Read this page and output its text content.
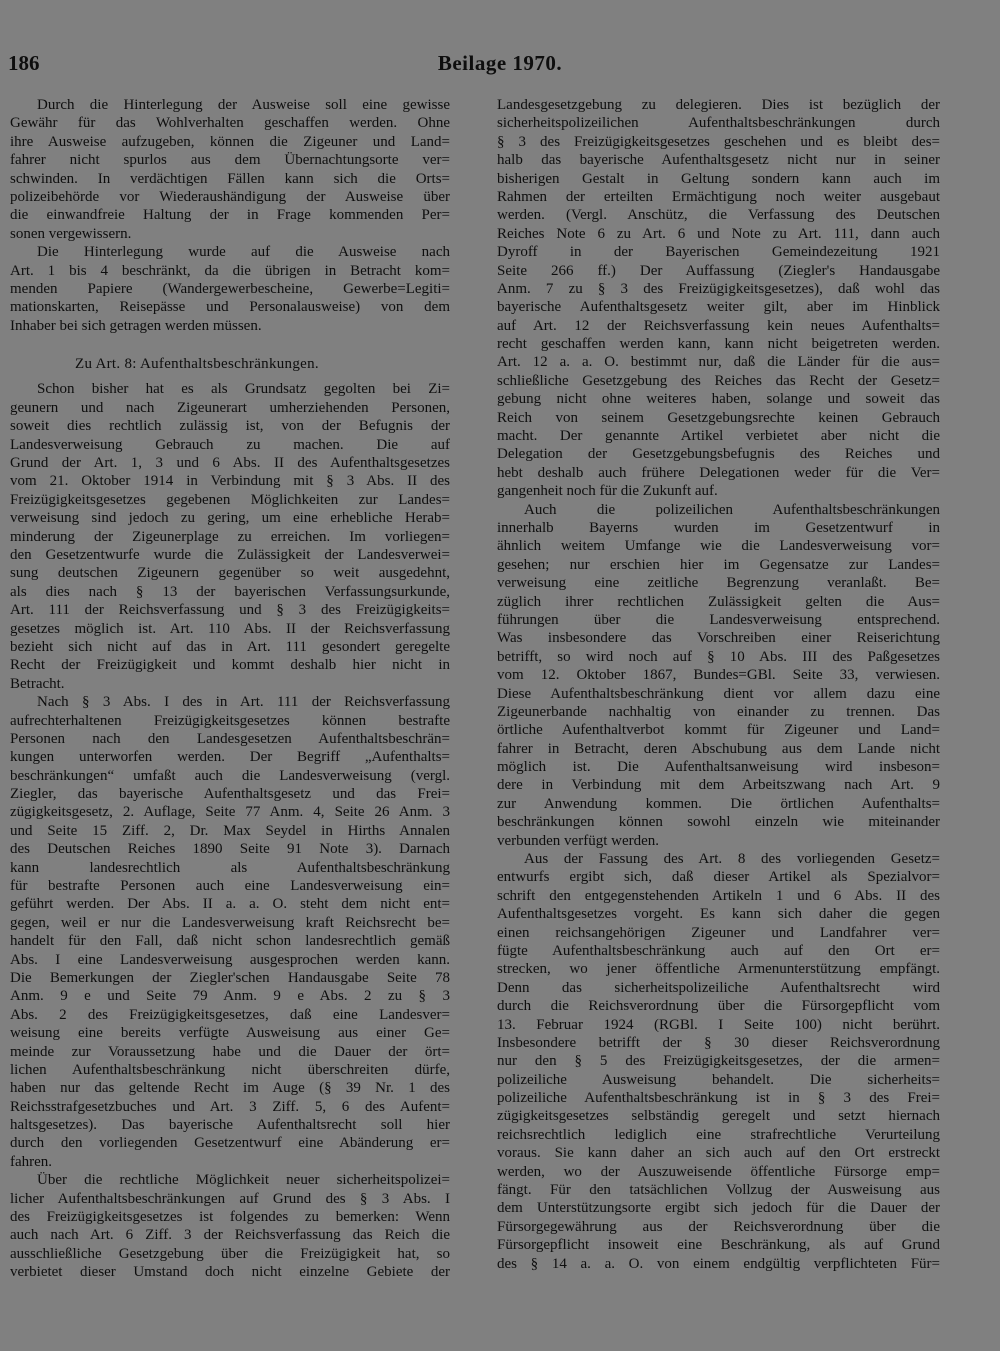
186	Beilage 1970.
Durch die Hinterlegung der Ausweise soll eine gewisse
Gewähr für das Wohlverhalten geschaffen werden. Ohne
ihre Ausweise aufzugeben, können die Zigeuner und Land=
fahrer nicht spurlos aus dem Übernachtungsorte ver=
schwinden. In verdächtigen Fällen kann sich die Orts=
polizeibehörde vor Wiederaushändigung der Ausweise über
die einwandfreie Haltung der in Frage kommenden Per=
sonen vergewissern.
Die Hinterlegung wurde auf die Ausweise nach
Art. 1 bis 4 beschränkt, da die übrigen in Betracht kom=
menden Papiere (Wandergewerbescheine, Gewerbe=Legiti=
mationskarten, Reisepässe und Personalausweise) von dem
Inhaber bei sich getragen werden müssen.
Zu Art. 8: Aufenthaltsbeschränkungen.
Schon bisher hat es als Grundsatz gegolten bei Zi=
geunern und nach Zigeunerart umherziehenden Personen,
soweit dies rechtlich zulässig ist, von der Befugnis der
Landesverweisung Gebrauch zu machen. Die auf
Grund der Art. 1, 3 und 6 Abs. II des Aufenthaltsgesetzes
vom 21. Oktober 1914 in Verbindung mit § 3 Abs. II des
Freizügigkeitsgesetzes gegebenen Möglichkeiten zur Landes=
verweisung sind jedoch zu gering, um eine erhebliche Herab=
minderung der Zigeunerplage zu erreichen. Im vorliegen=
den Gesetzentwurfe wurde die Zulässigkeit der Landesverwei=
sung deutschen Zigeunern gegenüber so weit ausgedehnt,
als dies nach § 13 der bayerischen Verfassungsurkunde,
Art. 111 der Reichsverfassung und § 3 des Freizügigkeits=
gesetzes möglich ist. Art. 110 Abs. II der Reichsverfassung
bezieht sich nicht auf das in Art. 111 gesondert geregelte
Recht der Freizügigkeit und kommt deshalb hier nicht in
Betracht.
Nach § 3 Abs. I des in Art. 111 der Reichsverfassung
aufrechterhaltenen Freizügigkeitsgesetzes können bestrafte
Personen nach den Landesgesetzen Aufenthaltsbeschrän=
kungen unterworfen werden. Der Begriff „Aufenthalts=
beschränkungen“ umfaßt auch die Landesverweisung (vergl.
Ziegler, das bayerische Aufenthaltsgesetz und das Frei=
zügigkeitsgesetz, 2. Auflage, Seite 77 Anm. 4, Seite 26 Anm. 3
und Seite 15 Ziff. 2, Dr. Max Seydel in Hirths Annalen
des Deutschen Reiches 1890 Seite 91 Note 3). Darnach
kann landesrechtlich als Aufenthaltsbeschränkung
für bestrafte Personen auch eine Landesverweisung ein=
geführt werden. Der Abs. II a. a. O. steht dem nicht ent=
gegen, weil er nur die Landesverweisung kraft Reichsrecht be=
handelt für den Fall, daß nicht schon landesrechtlich gemäß
Abs. I eine Landesverweisung ausgesprochen werden kann.
Die Bemerkungen der Ziegler'schen Handausgabe Seite 78
Anm. 9 e und Seite 79 Anm. 9 e Abs. 2 zu § 3
Abs. 2 des Freizügigkeitsgesetzes, daß eine Landesver=
weisung eine bereits verfügte Ausweisung aus einer Ge=
meinde zur Voraussetzung habe und die Dauer der ört=
lichen Aufenthaltsbeschränkung nicht überschreiten dürfe,
haben nur das geltende Recht im Auge (§ 39 Nr. 1 des
Reichsstrafgesetzbuches und Art. 3 Ziff. 5, 6 des Aufent=
haltsgesetzes). Das bayerische Aufenthaltsrecht soll hier
durch den vorliegenden Gesetzentwurf eine Abänderung er=
fahren.
Über die rechtliche Möglichkeit neuer sicherheitspolizei=
licher Aufenthaltsbeschränkungen auf Grund des § 3 Abs. I
des Freizügigkeitsgesetzes ist folgendes zu bemerken: Wenn
auch nach Art. 6 Ziff. 3 der Reichsverfassung das Reich die
ausschließliche Gesetzgebung über die Freizügigkeit hat, so
verbietet dieser Umstand doch nicht einzelne Gebiete der
Landesgesetzgebung zu delegieren. Dies ist bezüglich der
sicherheitspolizeilichen Aufenthaltsbeschränkungen durch
§ 3 des Freizügigkeitsgesetzes geschehen und es bleibt des=
halb das bayerische Aufenthaltsgesetz nicht nur in seiner
bisherigen Gestalt in Geltung sondern kann auch im
Rahmen der erteilten Ermächtigung noch weiter ausgebaut
werden. (Vergl. Anschütz, die Verfassung des Deutschen
Reiches Note 6 zu Art. 6 und Note zu Art. 111, dann auch
Dyroff in der Bayerischen Gemeindezeitung 1921
Seite 266 ff.) Der Auffassung (Ziegler's Handausgabe
Anm. 7 zu § 3 des Freizügigkeitsgesetzes), daß wohl das
bayerische Aufenthaltsgesetz weiter gilt, aber im Hinblick
auf Art. 12 der Reichsverfassung kein neues Aufenthalts=
recht geschaffen werden kann, kann nicht beigetreten werden.
Art. 12 a. a. O. bestimmt nur, daß die Länder für die aus=
schließliche Gesetzgebung des Reiches das Recht der Gesetz=
gebung nicht ohne weiteres haben, solange und soweit das
Reich von seinem Gesetzgebungsrechte keinen Gebrauch
macht. Der genannte Artikel verbietet aber nicht die
Delegation der Gesetzgebungsbefugnis des Reiches und
hebt deshalb auch frühere Delegationen weder für die Ver=
gangenheit noch für die Zukunft auf.
Auch die polizeilichen Aufenthaltsbeschränkungen
innerhalb Bayerns wurden im Gesetzentwurf in
ähnlich weitem Umfange wie die Landesverweisung vor=
gesehen; nur erschien hier im Gegensatze zur Landes=
verweisung eine zeitliche Begrenzung veranlaßt. Be=
züglich ihrer rechtlichen Zulässigkeit gelten die Aus=
führungen über die Landesverweisung entsprechend.
Was insbesondere das Vorschreiben einer Reiserichtung
betrifft, so wird noch auf § 10 Abs. III des Paßgesetzes
vom 12. Oktober 1867, Bundes=GBl. Seite 33, verwiesen.
Diese Aufenthaltsbeschränkung dient vor allem dazu eine
Zigeunerbande nachhaltig von einander zu trennen. Das
örtliche Aufenthaltverbot kommt für Zigeuner und Land=
fahrer in Betracht, deren Abschubung aus dem Lande nicht
möglich ist. Die Aufenthaltsanweisung wird insbeson=
dere in Verbindung mit dem Arbeitszwang nach Art. 9
zur Anwendung kommen. Die örtlichen Aufenthalts=
beschränkungen können sowohl einzeln wie miteinander
verbunden verfügt werden.
Aus der Fassung des Art. 8 des vorliegenden Gesetz=
entwurfs ergibt sich, daß dieser Artikel als Spezialvor=
schrift den entgegenstehenden Artikeln 1 und 6 Abs. II des
Aufenthaltsgesetzes vorgeht. Es kann sich daher die gegen
einen reichsangehörigen Zigeuner und Landfahrer ver=
fügte Aufenthaltsbeschränkung auch auf den Ort er=
strecken, wo jener öffentliche Armenunterstützung empfängt.
Denn das sicherheitspolizeiliche Aufenthaltsrecht wird
durch die Reichsverordnung über die Fürsorgepflicht vom
13. Februar 1924 (RGBl. I Seite 100) nicht berührt.
Insbesondere betrifft der § 30 dieser Reichsverordnung
nur den § 5 des Freizügigkeitsgesetzes, der die armen=
polizeiliche Ausweisung behandelt. Die sicherheits=
polizeiliche Aufenthaltsbeschränkung ist in § 3 des Frei=
zügigkeitsgesetzes selbständig geregelt und setzt hiernach
reichsrechtlich lediglich eine strafrechtliche Verurteilung
voraus. Sie kann daher an sich auch auf den Ort erstreckt
werden, wo der Auszuweisende öffentliche Fürsorge emp=
fängt. Für den tatsächlichen Vollzug der Ausweisung aus
dem Unterstützungsorte ergibt sich jedoch für die Dauer der
Fürsorgegewährung aus der Reichsverordnung über die
Fürsorgepflicht insoweit eine Beschränkung, als auf Grund
des § 14 a. a. O. von einem endgültig verpflichteten Für=
